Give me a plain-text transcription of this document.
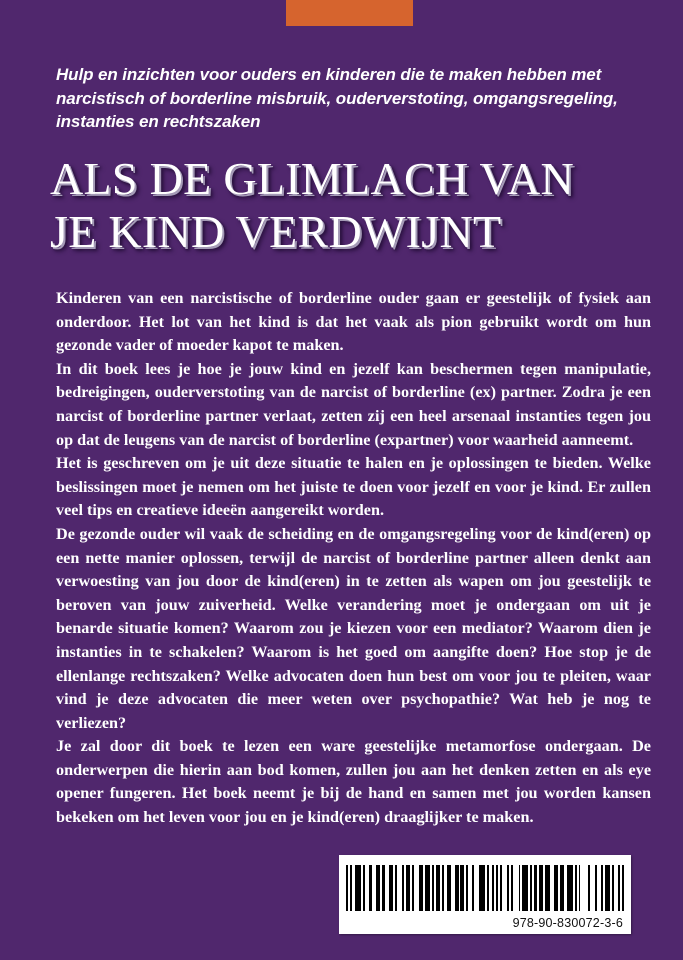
Hulp en inzichten voor ouders en kinderen die te maken hebben met narcistisch of borderline misbruik, ouderverstoting, omgangsregeling, instanties en rechtszaken

ALS DE GLIMLACH VAN
JE KIND VERDWIJNT

Kinderen van een narcistische of borderline ouder gaan er geestelijk of fysiek aan onderdoor. Het lot van het kind is dat het vaak als pion gebruikt wordt om hun gezonde vader of moeder kapot te maken.

In dit boek lees je hoe je jouw kind en jezelf kan beschermen tegen manipulatie, bedreigingen, ouderverstoting van de narcist of borderline (ex) partner. Zodra je een narcist of borderline partner verlaat, zetten zij een heel arsenaal instanties tegen jou op dat de leugens van de narcist of borderline (expartner) voor waarheid aanneemt.

Het is geschreven om je uit deze situatie te halen en je oplossingen te bieden. Welke beslissingen moet je nemen om het juiste te doen voor jezelf en voor je kind. Er zullen veel tips en creatieve ideeën aangereikt worden.

De gezonde ouder wil vaak de scheiding en de omgangsregeling voor de kind(eren) op een nette manier oplossen, terwijl de narcist of borderline partner alleen denkt aan verwoesting van jou door de kind(eren) in te zetten als wapen om jou geestelijk te beroven van jouw zuiverheid. Welke verandering moet je ondergaan om uit je benarde situatie komen? Waarom zou je kiezen voor een mediator? Waarom dien je instanties in te schakelen? Waarom is het goed om aangifte doen? Hoe stop je de ellenlange rechtszaken? Welke advocaten doen hun best om voor jou te pleiten, waar vind je deze advocaten die meer weten over psychopathie? Wat heb je nog te verliezen?

Je zal door dit boek te lezen een ware geestelijke metamorfose ondergaan. De onderwerpen die hierin aan bod komen, zullen jou aan het denken zetten en als eye opener fungeren. Het boek neemt je bij de hand en samen met jou worden kansen bekeken om het leven voor jou en je kind(eren) draaglijker te maken.

978-90-830072-3-6
